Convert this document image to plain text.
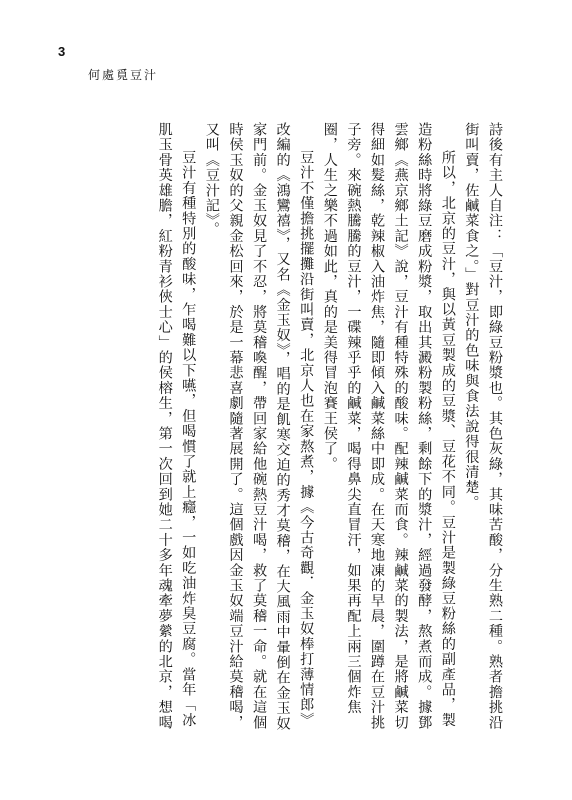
3
何處覓豆汁

詩後有主人自注：「豆汁，即綠豆粉漿也。其色灰綠，其味苦酸，分生熟二種。熟者擔挑沿街叫賣，佐鹹菜食之。」對豆汁的色味與食法說得很清楚。

所以，北京的豆汁，與以黃豆製成的豆漿、豆花不同。豆汁是製綠豆粉絲的副產品，製造粉絲時將綠豆磨成粉漿，取出其澱粉製粉絲，剩餘下的漿汁，經過發酵，熬煮而成。據鄧雲鄉《燕京鄉土記》說，豆汁有種特殊的酸味。配辣鹹菜而食。辣鹹菜的製法，是將鹹菜切得細如髮絲，乾辣椒入油炸焦，隨即傾入鹹菜絲中即成。在天寒地凍的早晨，圍蹲在豆汁挑子旁。來碗熱騰騰的豆汁，一碟辣乎乎的鹹菜，喝得鼻尖直冒汗，如果再配上兩三個炸焦圈，人生之樂不過如此，真的是美得冒泡賽王侯了。

豆汁不僅擔挑擺攤沿街叫賣，北京人也在家熬煮，據《今古奇觀．金玉奴棒打薄情郎》改編的《鴻鸞禧》，又名《金玉奴》，唱的是飢寒交迫的秀才莫稽，在大風雨中暈倒在金玉奴家門前。金玉奴見了不忍，將莫稽喚醒，帶回家給他碗熱豆汁喝，救了莫稽一命。就在這個時侯玉奴的父親金松回來，於是一幕悲喜劇隨著展開了。這個戲因金玉奴端豆汁給莫稽喝，又叫《豆汁記》。

豆汁有種特別的酸味，乍喝難以下嚥，但喝慣了就上癮，一如吃油炸臭豆腐。當年「冰肌玉骨英雄膽，紅粉青衫俠士心」的侯榕生，第一次回到她二十多年魂牽夢縈的北京，想喝
